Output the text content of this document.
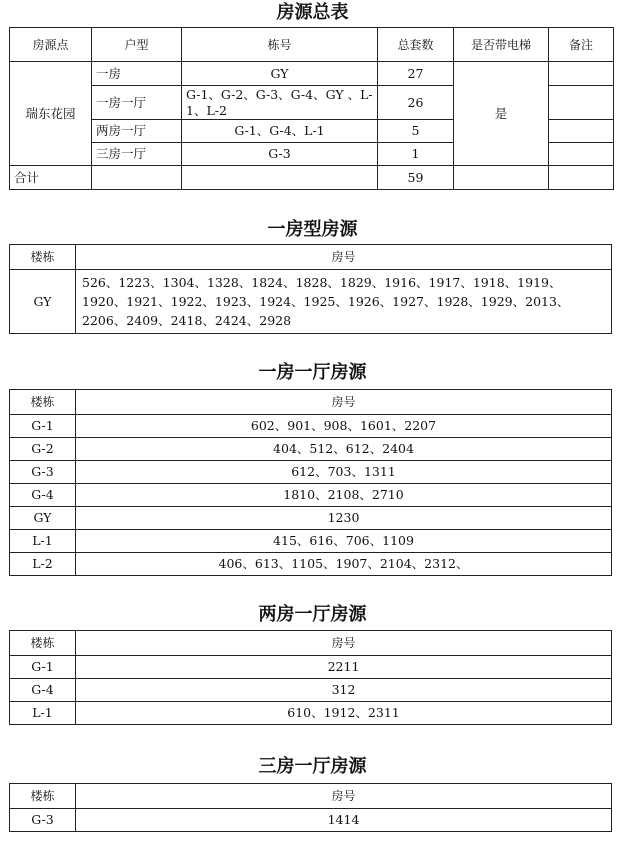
房源总表
房源点	户型	栋号	总套数	是否带电梯	备注
瑞东花园	一房	GY	27	是	
	一房一厅	G-1、G-2、G-3、G-4、GY 、L-1、L-2	26		
	两房一厅	G-1、G-4、L-1	5		
	三房一厅	G-3	1		
合计			59		
一房型房源
楼栋	房号
GY	526、1223、1304、1328、1824、1828、1829、1916、1917、1918、1919、1920、1921、1922、1923、1924、1925、1926、1927、1928、1929、2013、2206、2409、2418、2424、2928
一房一厅房源
楼栋	房号
G-1	602、901、908、1601、2207
G-2	404、512、612、2404
G-3	612、703、1311
G-4	1810、2108、2710
GY	1230
L-1	415、616、706、1109
L-2	406、613、1105、1907、2104、2312、
两房一厅房源
楼栋	房号
G-1	2211
G-4	312
L-1	610、1912、2311
三房一厅房源
楼栋	房号
G-3	1414
